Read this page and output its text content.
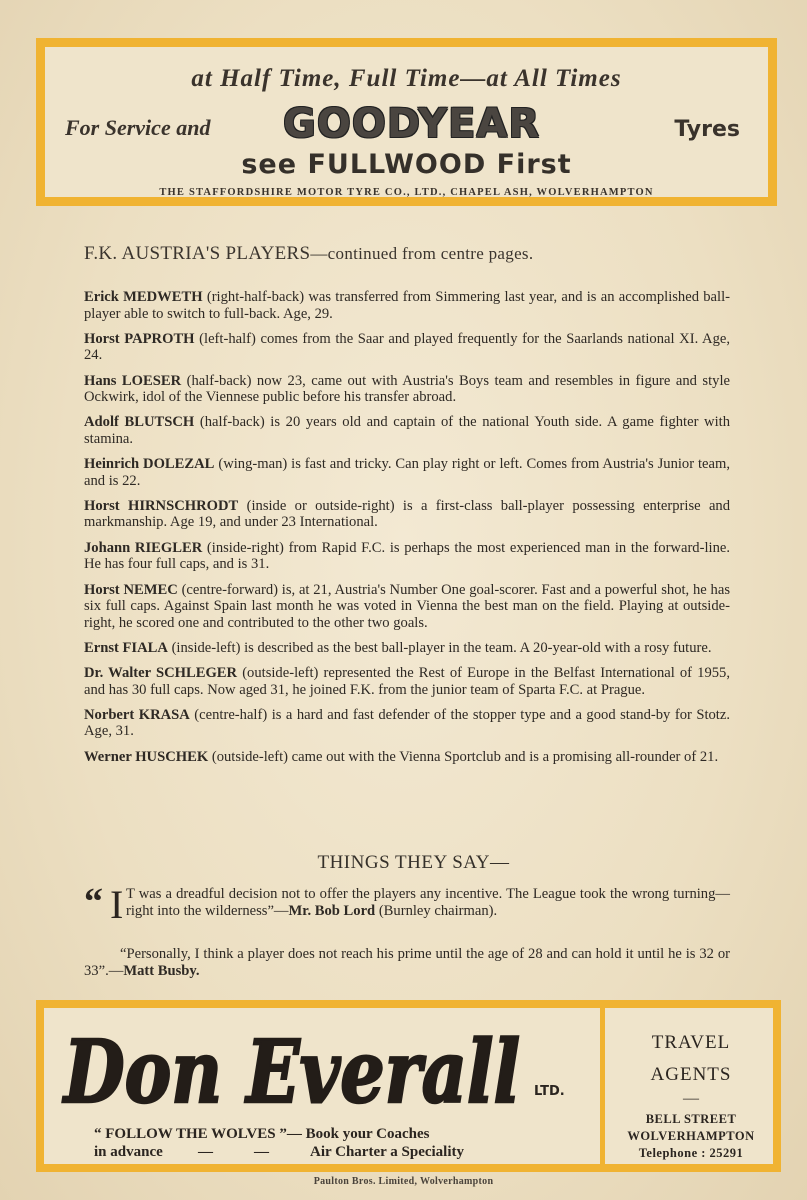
at Half Time, Full Time—at All Times
For Service and GOODYEAR	Tyres
see FULLWOOD First
THE STAFFORDSHIRE MOTOR TYRE CO., LTD., CHAPEL ASH, WOLVERHAMPTON
F.K. AUSTRIA'S PLAYERS—continued from centre pages.

Erick MEDWETH (right-half-back) was transferred from Simmering last year, and is an accomplished ball-player able to switch to full-back. Age, 29.

Horst PAPROTH (left-half) comes from the Saar and played frequently for the Saarlands national XI. Age, 24.

Hans LOESER (half-back) now 23, came out with Austria's Boys team and resembles in figure and style Ockwirk, idol of the Viennese public before his transfer abroad.

Adolf BLUTSCH (half-back) is 20 years old and captain of the national Youth side. A game fighter with stamina.

Heinrich DOLEZAL (wing-man) is fast and tricky. Can play right or left. Comes from Austria's Junior team, and is 22.

Horst HIRNSCHRODT (inside or outside-right) is a first-class ball-player possessing enterprise and markmanship. Age 19, and under 23 International.

Johann RIEGLER (inside-right) from Rapid F.C. is perhaps the most experienced man in the forward-line. He has four full caps, and is 31.

Horst NEMEC (centre-forward) is, at 21, Austria's Number One goal-scorer. Fast and a powerful shot, he has six full caps. Against Spain last month he was voted in Vienna the best man on the field. Playing at outside-right, he scored one and contributed to the other two goals.

Ernst FIALA (inside-left) is described as the best ball-player in the team. A 20-year-old with a rosy future.

Dr. Walter SCHLEGER (outside-left) represented the Rest of Europe in the Belfast International of 1955, and has 30 full caps. Now aged 31, he joined F.K. from the junior team of Sparta F.C. at Prague.

Norbert KRASA (centre-half) is a hard and fast defender of the stopper type and a good stand-by for Stotz. Age, 31.

Werner HUSCHEK (outside-left) came out with the Vienna Sportclub and is a promising all-rounder of 21.

THINGS THEY SAY—
“ I T was a dreadful decision not to offer the players any incentive. The League took the wrong turning—right into the wilderness”—Mr. Bob Lord (Burnley chairman).
“Personally, I think a player does not reach his prime until the age of 28 and can hold it until he is 32 or 33”.—Matt Busby.
Don Everall LTD.
“ FOLLOW THE WOLVES ”— Book your Coaches
in advance —	—	Air Charter a Speciality
TRAVEL
AGENTS
—
BELL STREET
WOLVERHAMPTON
Telephone : 25291
Paulton Bros. Limited, Wolverhampton
